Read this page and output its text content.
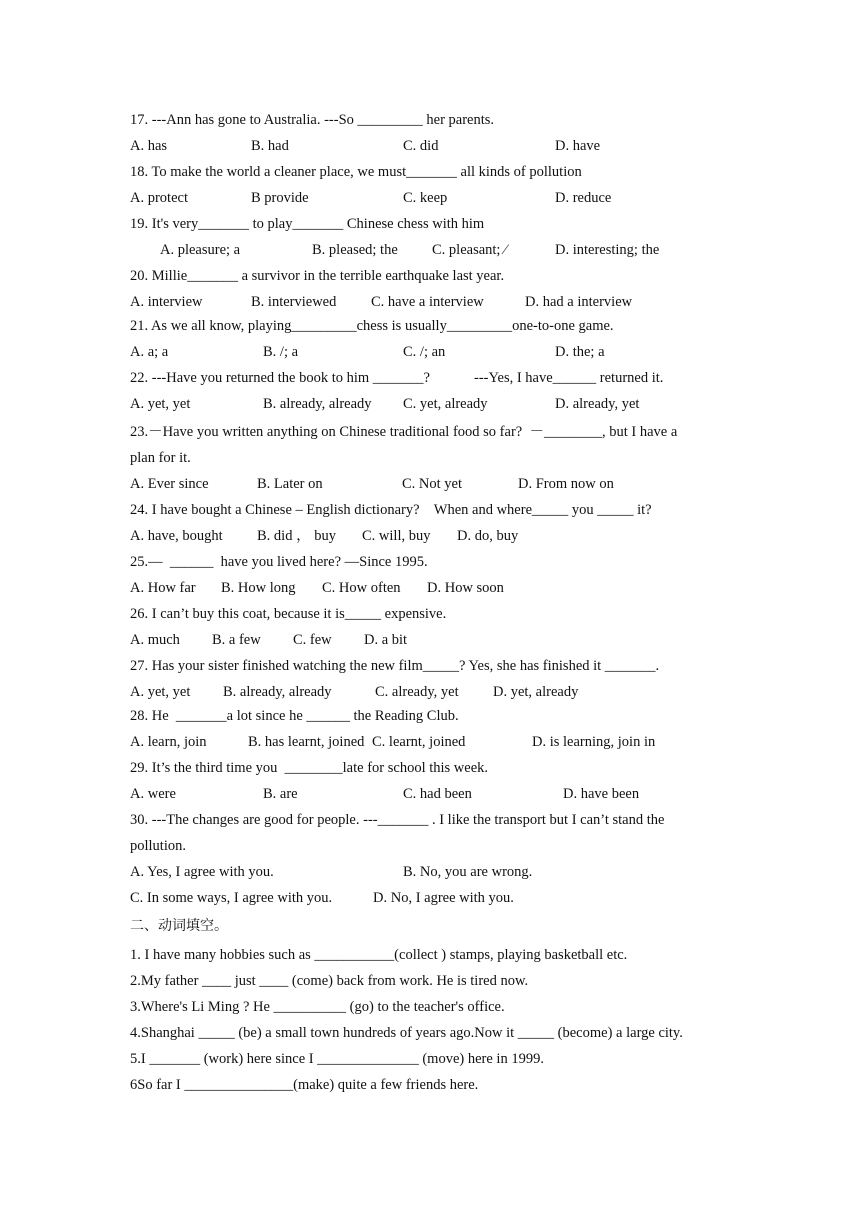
17. ---Ann has gone to Australia. ---So _________ her parents.
A. has	B. had	C. did	D. have
18. To make the world a cleaner place, we must_______ all kinds of pollution
A. protect	B provide	C. keep	D. reduce
19. It's very_______ to play_______ Chinese chess with him
A. pleasure; a	B. pleased; the C. pleasant; ∕	D. interesting; the
20. Millie_______ a survivor in the terrible earthquake last year.
A. interview	B. interviewed C. have a interview	D. had a interview
21. As we all know, playing_________chess is usually_________one-to-one game.
A. a; a	B. /; a	C. /; an	D. the; a
22. ---Have you returned the book to him _______?	---Yes, I have______ returned it.
A. yet, yet	B. already, already C. yet, already	D. already, yet
23.－Have you written anything on Chinese traditional food so far?  －________, but I have a
plan for it.
A. Ever since	B. Later on	C. Not yet	D. From now on
24. I have bought a Chinese – English dictionary?    When and where_____ you _____ it?
A. have, bought B. did ， buy C. will, buy D. do, buy
25.—  ______  have you lived here? —Since 1995.
A. How far B. How long C. How often D. How soon
26. I can’t buy this coat, because it is_____ expensive.
A. much B. a few C. few D. a bit
27. Has your sister finished watching the new film_____? Yes, she has finished it _______.
A. yet, yet B. already, already	C. already, yet D. yet, already
28. He  _______a lot since he ______ the Reading Club.
A. learn, join	B. has learnt, joined C. learnt, joined	D. is learning, join in
29. It’s the third time you  ________late for school this week.
A. were	B. are	C. had been	D. have been
30. ---The changes are good for people. ---_______ . I like the transport but I can’t stand the
pollution.
A. Yes, I agree with you.	B. No, you are wrong.
C. In some ways, I agree with you.	D. No, I agree with you.
二、动词填空。
1. I have many hobbies such as ___________(collect ) stamps, playing basketball etc.
2.My father ____ just ____ (come) back from work. He is tired now.
3.Where's Li Ming ? He __________ (go) to the teacher's office.
4.Shanghai _____ (be) a small town hundreds of years ago.Now it _____ (become) a large city.
5.I _______ (work) here since I ______________ (move) here in 1999.
6So far I _______________(make) quite a few friends here.
